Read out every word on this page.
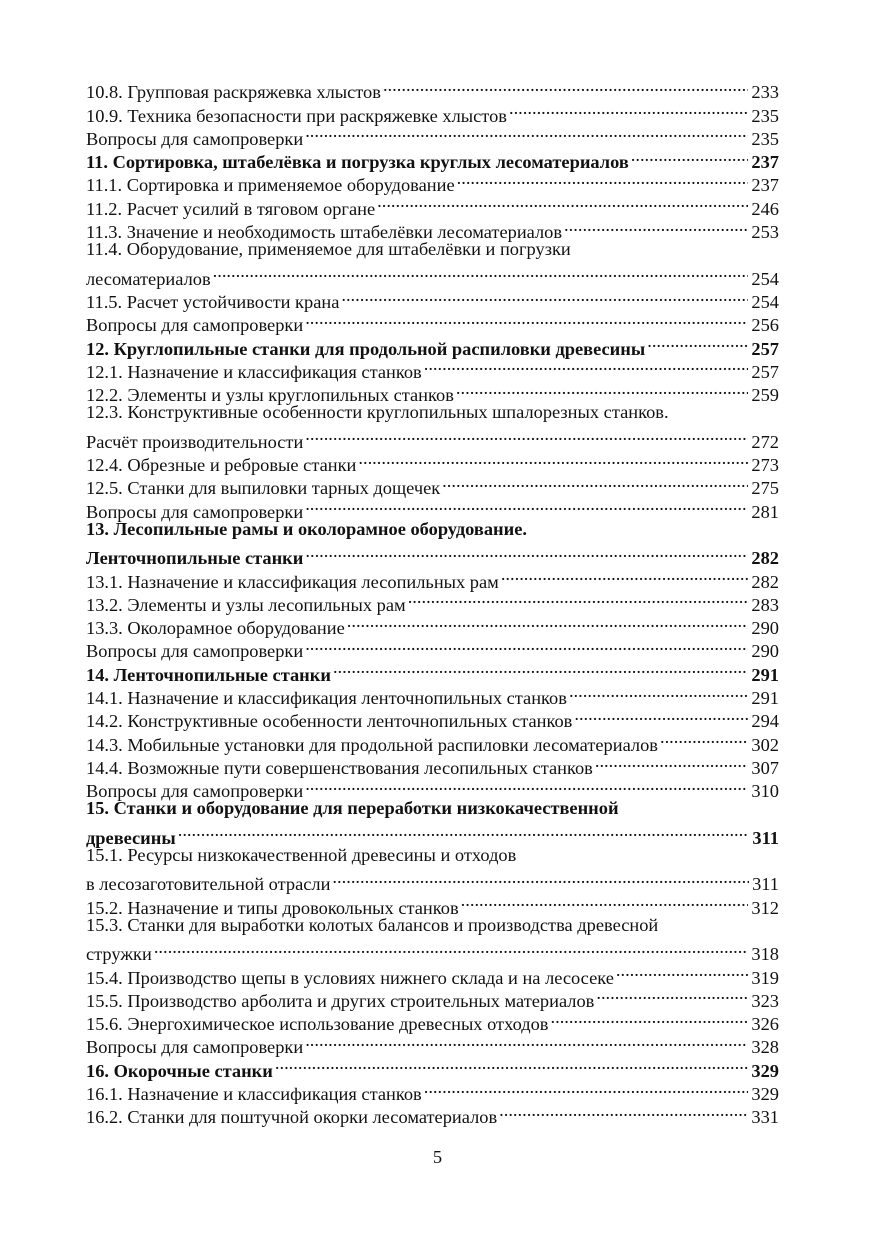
10.8. Групповая раскряжевка хлыстов .....	233
10.9. Техника безопасности при раскряжевке хлыстов .....	235
Вопросы для самопроверки .....	235
11. Сортировка, штабелёвка и погрузка круглых лесоматериалов .....	237
11.1. Сортировка и применяемое оборудование .....	237
11.2. Расчет усилий в тяговом органе .....	246
11.3. Значение и необходимость штабелёвки лесоматериалов .....	253
11.4. Оборудование, применяемое для штабелёвки и погрузки
лесоматериалов .....	254
11.5. Расчет устойчивости крана .....	254
Вопросы для самопроверки .....	256
12. Круглопильные станки для продольной распиловки древесины .....	257
12.1. Назначение и классификация станков .....	257
12.2. Элементы и узлы круглопильных станков .....	259
12.3. Конструктивные особенности круглопильных шпалорезных станков.
Расчёт производительности .....	272
12.4. Обрезные и ребровые станки .....	273
12.5. Станки для выпиловки тарных дощечек .....	275
Вопросы для самопроверки .....	281
13. Лесопильные рамы и околорамное оборудование.
Ленточнопильные станки .....	282
13.1. Назначение и классификация лесопильных рам .....	282
13.2. Элементы и узлы лесопильных рам .....	283
13.3. Околорамное оборудование .....	290
Вопросы для самопроверки .....	290
14. Ленточнопильные станки .....	291
14.1. Назначение и классификация ленточнопильных станков .....	291
14.2. Конструктивные особенности ленточнопильных станков .....	294
14.3. Мобильные установки для продольной распиловки лесоматериалов .....	302
14.4. Возможные пути совершенствования лесопильных станков .....	307
Вопросы для самопроверки .....	310
15. Станки и оборудование для переработки низкокачественной
древесины .....	311
15.1. Ресурсы низкокачественной древесины и отходов
в лесозаготовительной отрасли .....	311
15.2. Назначение и типы дровокольных станков .....	312
15.3. Станки для выработки колотых балансов и производства древесной
стружки .....	318
15.4. Производство щепы в условиях нижнего склада и на лесосеке .....	319
15.5. Производство арболита и других строительных материалов .....	323
15.6. Энергохимическое использование древесных отходов .....	326
Вопросы для самопроверки .....	328
16. Окорочные станки .....	329
16.1. Назначение и классификация станков .....	329
16.2. Станки для поштучной окорки лесоматериалов .....	331
5
